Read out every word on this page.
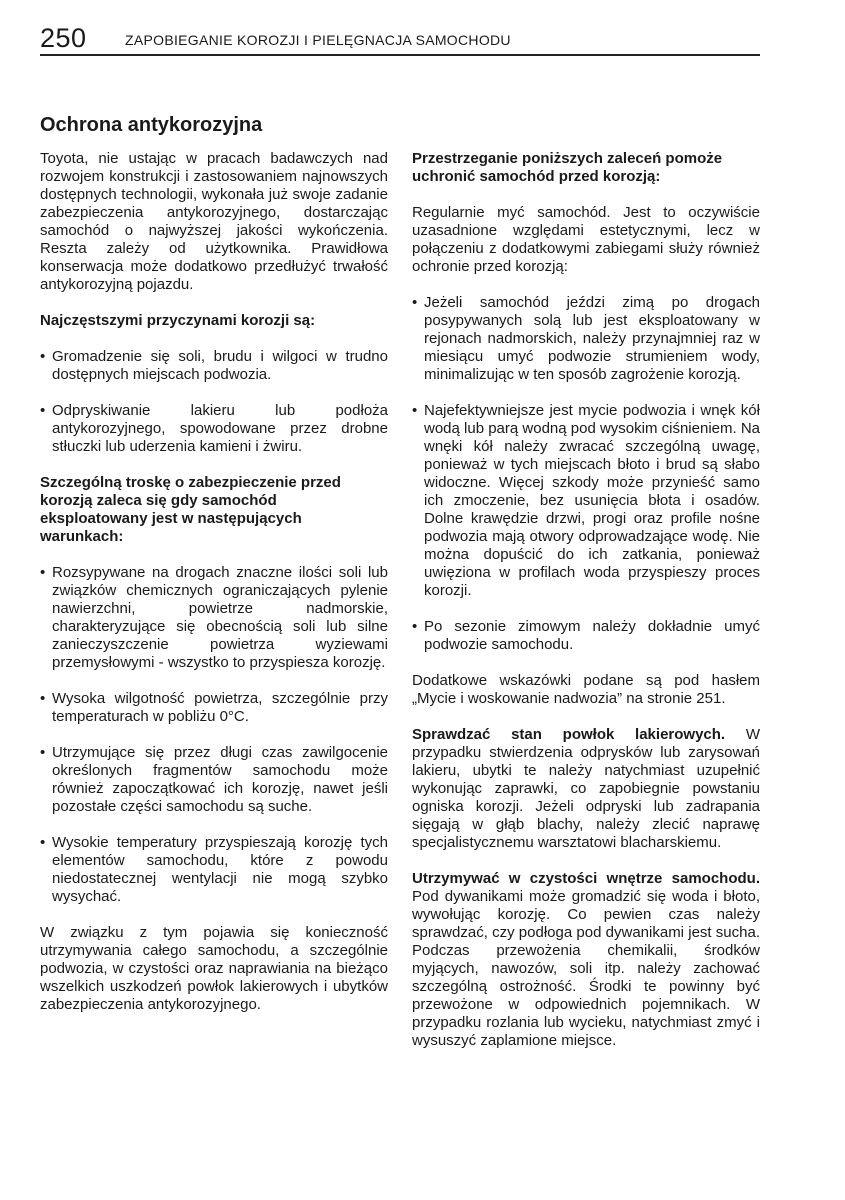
250	ZAPOBIEGANIE KOROZJI I PIELĘGNACJA SAMOCHODU
Ochrona antykorozyjna

Toyota, nie ustając w pracach badawczych nad rozwojem konstrukcji i zastosowaniem najnowszych dostępnych technologii, wykonała już swoje zadanie zabezpieczenia antykorozyjnego, dostarczając samochód o najwyższej jakości wykończenia. Reszta zależy od użytkownika. Prawidłowa konserwacja może dodatkowo przedłużyć trwałość antykorozyjną pojazdu.

Najczęstszymi przyczynami korozji są:

• Gromadzenie się soli, brudu i wilgoci w trudno dostępnych miejscach podwozia.
• Odpryskiwanie lakieru lub podłoża antykorozyjnego, spowodowane przez drobne stłuczki lub uderzenia kamieni i żwiru.

Szczególną troskę o zabezpieczenie przed korozją zaleca się gdy samochód eksploatowany jest w następujących warunkach:

• Rozsypywane na drogach znaczne ilości soli lub związków chemicznych ograniczających pylenie nawierzchni, powietrze nadmorskie, charakteryzujące się obecnością soli lub silne zanieczyszczenie powietrza wyziewami przemysłowymi - wszystko to przyspiesza korozję.
• Wysoka wilgotność powietrza, szczególnie przy temperaturach w pobliżu 0°C.
• Utrzymujące się przez długi czas zawilgocenie określonych fragmentów samochodu może również zapoczątkować ich korozję, nawet jeśli pozostałe części samochodu są suche.
• Wysokie temperatury przyspieszają korozję tych elementów samochodu, które z powodu niedostatecznej wentylacji nie mogą szybko wysychać.

W związku z tym pojawia się konieczność utrzymywania całego samochodu, a szczególnie podwozia, w czystości oraz naprawiania na bieżąco wszelkich uszkodzeń powłok lakierowych i ubytków zabezpieczenia antykorozyjnego.

Przestrzeganie poniższych zaleceń pomoże uchronić samochód przed korozją:

Regularnie myć samochód. Jest to oczywiście uzasadnione względami estetycznymi, lecz w połączeniu z dodatkowymi zabiegami służy również ochronie przed korozją:

• Jeżeli samochód jeździ zimą po drogach posypywanych solą lub jest eksploatowany w rejonach nadmorskich, należy przynajmniej raz w miesiącu umyć podwozie strumieniem wody, minimalizując w ten sposób zagrożenie korozją.
• Najefektywniejsze jest mycie podwozia i wnęk kół wodą lub parą wodną pod wysokim ciśnieniem. Na wnęki kół należy zwracać szczególną uwagę, ponieważ w tych miejscach błoto i brud są słabo widoczne. Więcej szkody może przynieść samo ich zmoczenie, bez usunięcia błota i osadów. Dolne krawędzie drzwi, progi oraz profile nośne podwozia mają otwory odprowadzające wodę. Nie można dopuścić do ich zatkania, ponieważ uwięziona w profilach woda przyspieszy proces korozji.
• Po sezonie zimowym należy dokładnie umyć podwozie samochodu.

Dodatkowe wskazówki podane są pod hasłem „Mycie i woskowanie nadwozia” na stronie 251.

Sprawdzać stan powłok lakierowych. W przypadku stwierdzenia odprysków lub zarysowań lakieru, ubytki te należy natychmiast uzupełnić wykonując zaprawki, co zapobiegnie powstaniu ogniska korozji. Jeżeli odpryski lub zadrapania sięgają w głąb blachy, należy zlecić naprawę specjalistycznemu warsztatowi blacharskiemu.

Utrzymywać w czystości wnętrze samochodu. Pod dywanikami może gromadzić się woda i błoto, wywołując korozję. Co pewien czas należy sprawdzać, czy podłoga pod dywanikami jest sucha. Podczas przewożenia chemikalii, środków myjących, nawozów, soli itp. należy zachować szczególną ostrożność. Środki te powinny być przewożone w odpowiednich pojemnikach. W przypadku rozlania lub wycieku, natychmiast zmyć i wysuszyć zaplamione miejsce.
